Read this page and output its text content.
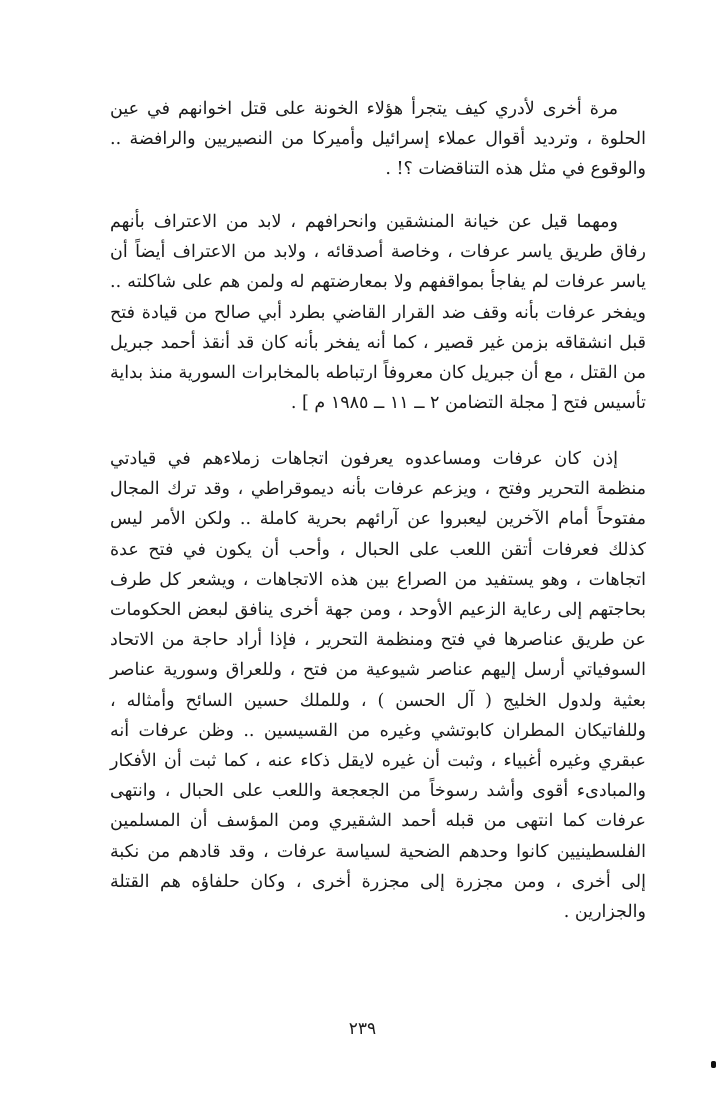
مرة أخرى لأدري كيف يتجرأ هؤلاء الخونة على قتل اخوانهم في عين الحلوة ، وترديد أقوال عملاء إسرائيل وأميركا من النصيريين والرافضة .. والوقوع في مثل هذه التناقضات ؟! .

ومهما قيل عن خيانة المنشقين وانحرافهم ، لابد من الاعتراف بأنهم رفاق طريق ياسر عرفات ، وخاصة أصدقائه ، ولابد من الاعتراف أيضاً أن ياسر عرفات لم يفاجأ بمواقفهم ولا بمعارضتهم له ولمن هم على شاكلته .. ويفخر عرفات بأنه وقف ضد القرار القاضي بطرد أبي صالح من قيادة فتح قبل انشقاقه بزمن غير قصير ، كما أنه يفخر بأنه كان قد أنقذ أحمد جبريل من القتل ، مع أن جبريل كان معروفاً ارتباطه بالمخابرات السورية منذ بداية تأسيس فتح [ مجلة التضامن ٢ ــ ١١ ــ ١٩٨٥ م ] .

إذن كان عرفات ومساعدوه يعرفون اتجاهات زملاءهم في قيادتي منظمة التحرير وفتح ، ويزعم عرفات بأنه ديموقراطي ، وقد ترك المجال مفتوحاً أمام الآخرين ليعبروا عن آرائهم بحرية كاملة .. ولكن الأمر ليس كذلك فعرفات أتقن اللعب على الحبال ، وأحب أن يكون في فتح عدة اتجاهات ، وهو يستفيد من الصراع بين هذه الاتجاهات ، ويشعر كل طرف بحاجتهم إلى رعاية الزعيم الأوحد ، ومن جهة أخرى ينافق لبعض الحكومات عن طريق عناصرها في فتح ومنظمة التحرير ، فإذا أراد حاجة من الاتحاد السوفياتي أرسل إليهم عناصر شيوعية من فتح ، وللعراق وسورية عناصر بعثية ولدول الخليج ( آل الحسن ) ، وللملك حسين السائح وأمثاله ، وللفاتيكان المطران كابوتشي وغيره من القسيسين .. وظن عرفات أنه عبقري وغيره أغبياء ، وثبت أن غيره لايقل ذكاء عنه ، كما ثبت أن الأفكار والمبادىء أقوى وأشد رسوخاً من الجعجعة واللعب على الحبال ، وانتهى عرفات كما انتهى من قبله أحمد الشقيري ومن المؤسف أن المسلمين الفلسطينيين كانوا وحدهم الضحية لسياسة عرفات ، وقد قادهم من نكبة إلى أخرى ، ومن مجزرة إلى مجزرة أخرى ، وكان حلفاؤه هم القتلة والجزارين .

٢٣٩
